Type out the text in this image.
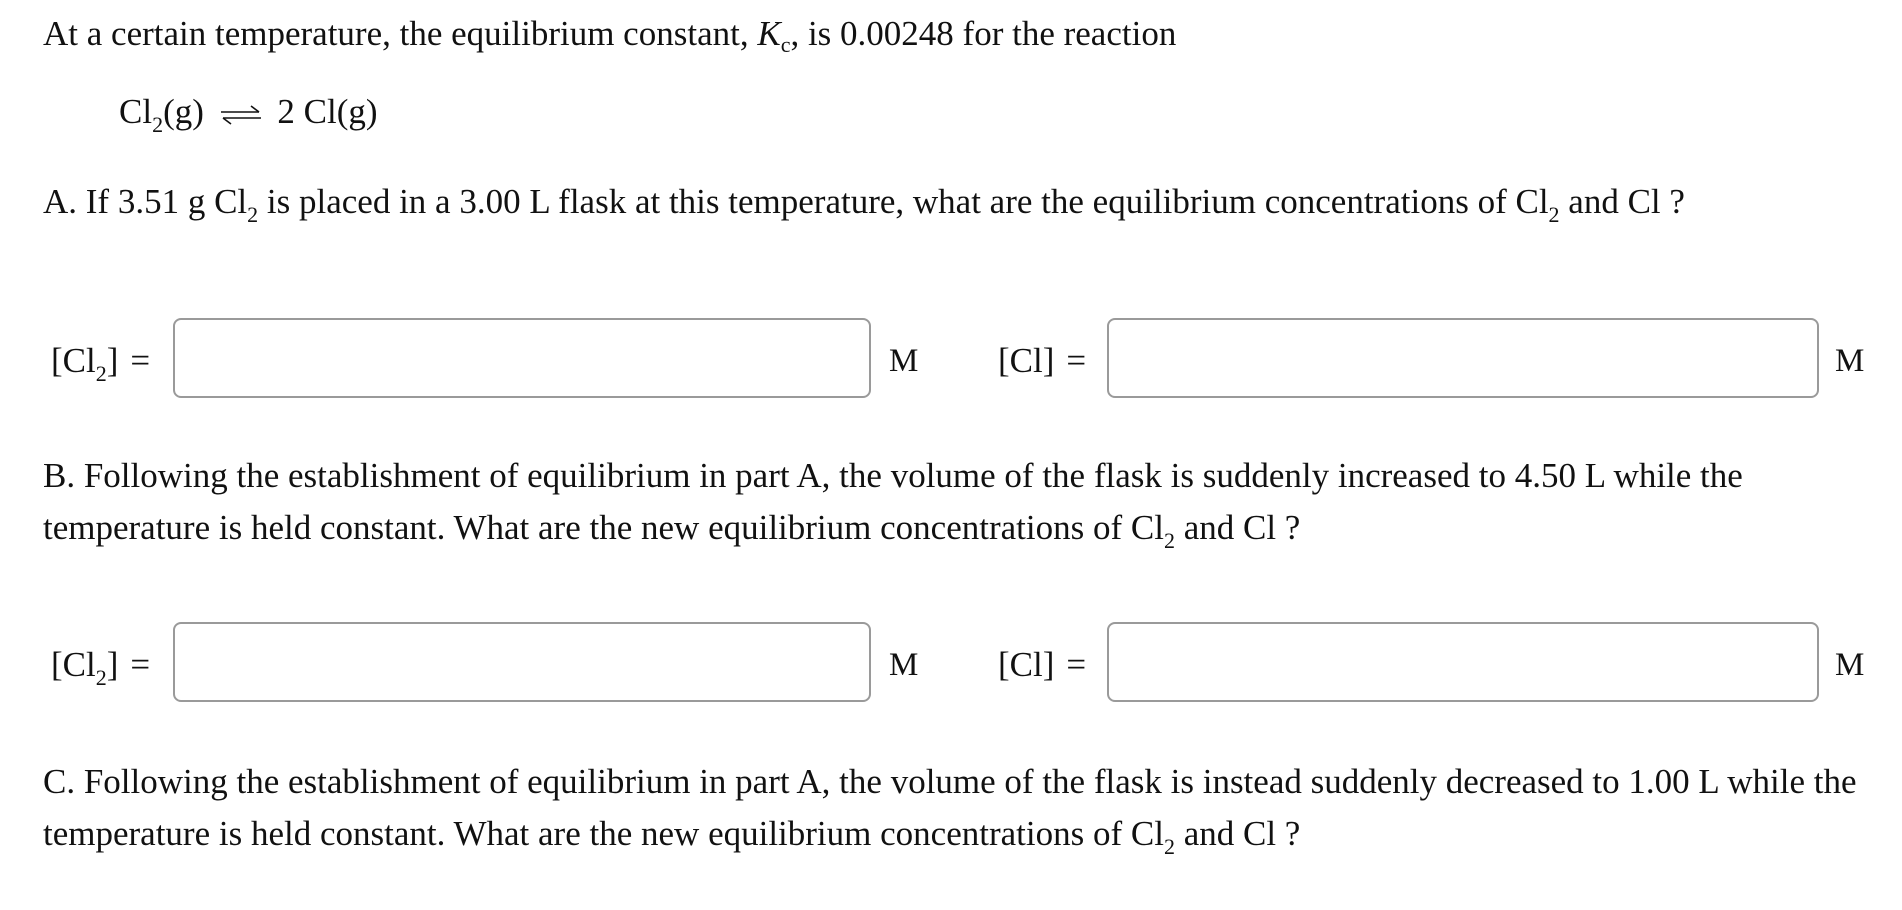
At a certain temperature, the equilibrium constant, $K_c$, is 0.00248 for the reaction
$Cl_2(g)$ ⇌ 2 Cl(g)
A. If 3.51 g $Cl_2$ is placed in a 3.00 L flask at this temperature, what are the equilibrium concentrations of $Cl_2$ and Cl ?
$[Cl_2]$ =	M [Cl] =	M
B. Following the establishment of equilibrium in part A, the volume of the flask is suddenly increased to 4.50 L while the temperature is held constant. What are the new equilibrium concentrations of $Cl_2$ and Cl ?
$[Cl_2]$ =	M [Cl] =	M
C. Following the establishment of equilibrium in part A, the volume of the flask is instead suddenly decreased to 1.00 L while the temperature is held constant. What are the new equilibrium concentrations of $Cl_2$ and Cl ?
